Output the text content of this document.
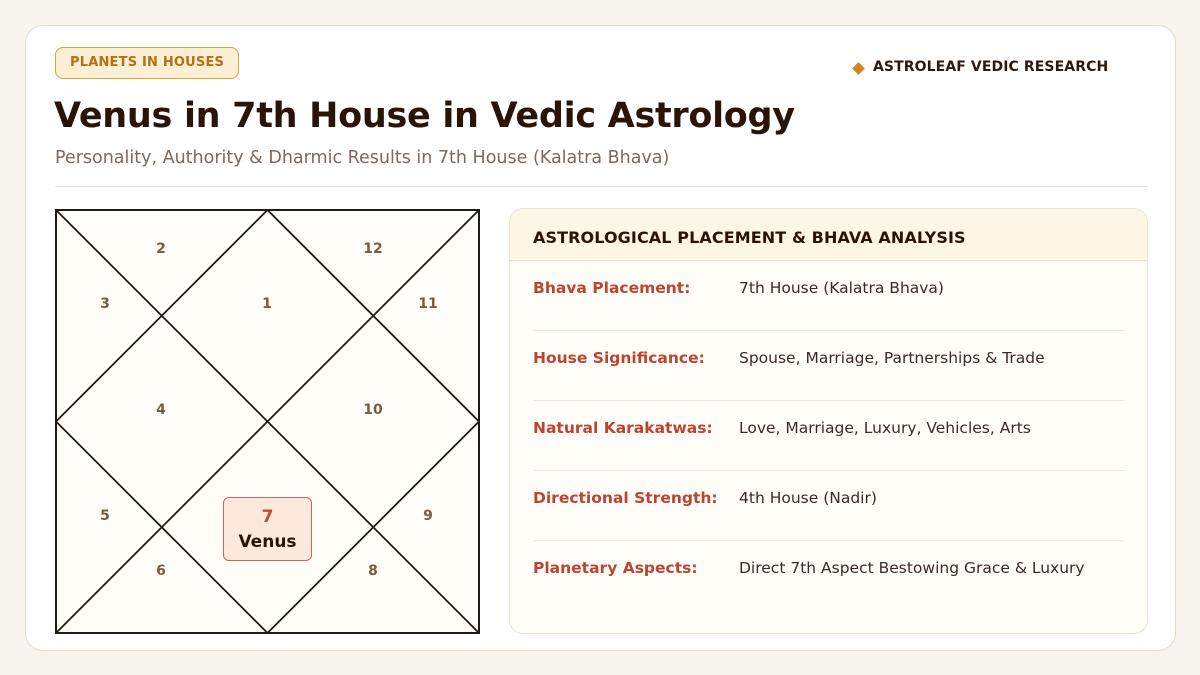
PLANETS IN HOUSES	ASTROLEAF VEDIC RESEARCH
Venus in 7th House in Vedic Astrology
Personality, Authority & Dharmic Results in 7th House (Kalatra Bhava)
1
2
3
4
5
6	8
9
10
11
12
7
Venus
ASTROLOGICAL PLACEMENT & BHAVA ANALYSIS
Bhava Placement:	7th House (Kalatra Bhava)
House Significance: Spouse, Marriage, Partnerships & Trade
Natural Karakatwas: Love, Marriage, Luxury, Vehicles, Arts
Directional Strength: 4th House (Nadir)
Planetary Aspects:	Direct 7th Aspect Bestowing Grace & Luxury
